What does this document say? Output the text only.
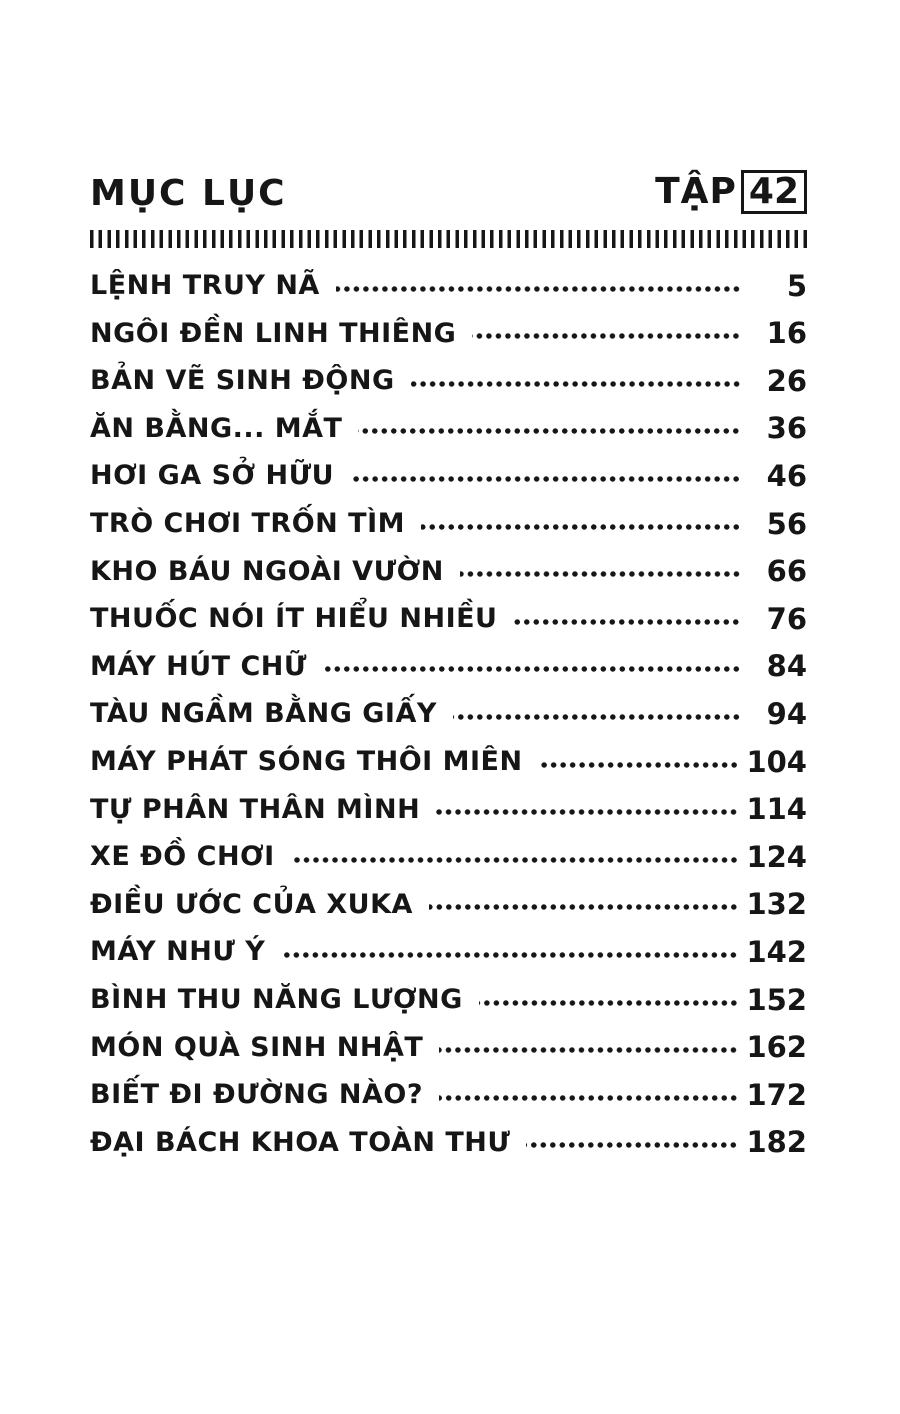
MỤC LỤC	TẬP 42
LỆNH TRUY NÃ	5
NGÔI ĐỀN LINH THIÊNG	16
BẢN VẼ SINH ĐỘNG	26
ĂN BẰNG... MẮT	36
HƠI GA SỞ HỮU	46
TRÒ CHƠI TRỐN TÌM	56
KHO BÁU NGOÀI VƯỜN	66
THUỐC NÓI ÍT HIỂU NHIỀU	76
MÁY HÚT CHỮ	84
TÀU NGẦM BẰNG GIẤY	94
MÁY PHÁT SÓNG THÔI MIÊN	104
TỰ PHÂN THÂN MÌNH	114
XE ĐỒ CHƠI	124
ĐIỀU ƯỚC CỦA XUKA	132
MÁY NHƯ Ý	142
BÌNH THU NĂNG LƯỢNG	152
MÓN QUÀ SINH NHẬT	162
BIẾT ĐI ĐƯỜNG NÀO?	172
ĐẠI BÁCH KHOA TOÀN THƯ	182
